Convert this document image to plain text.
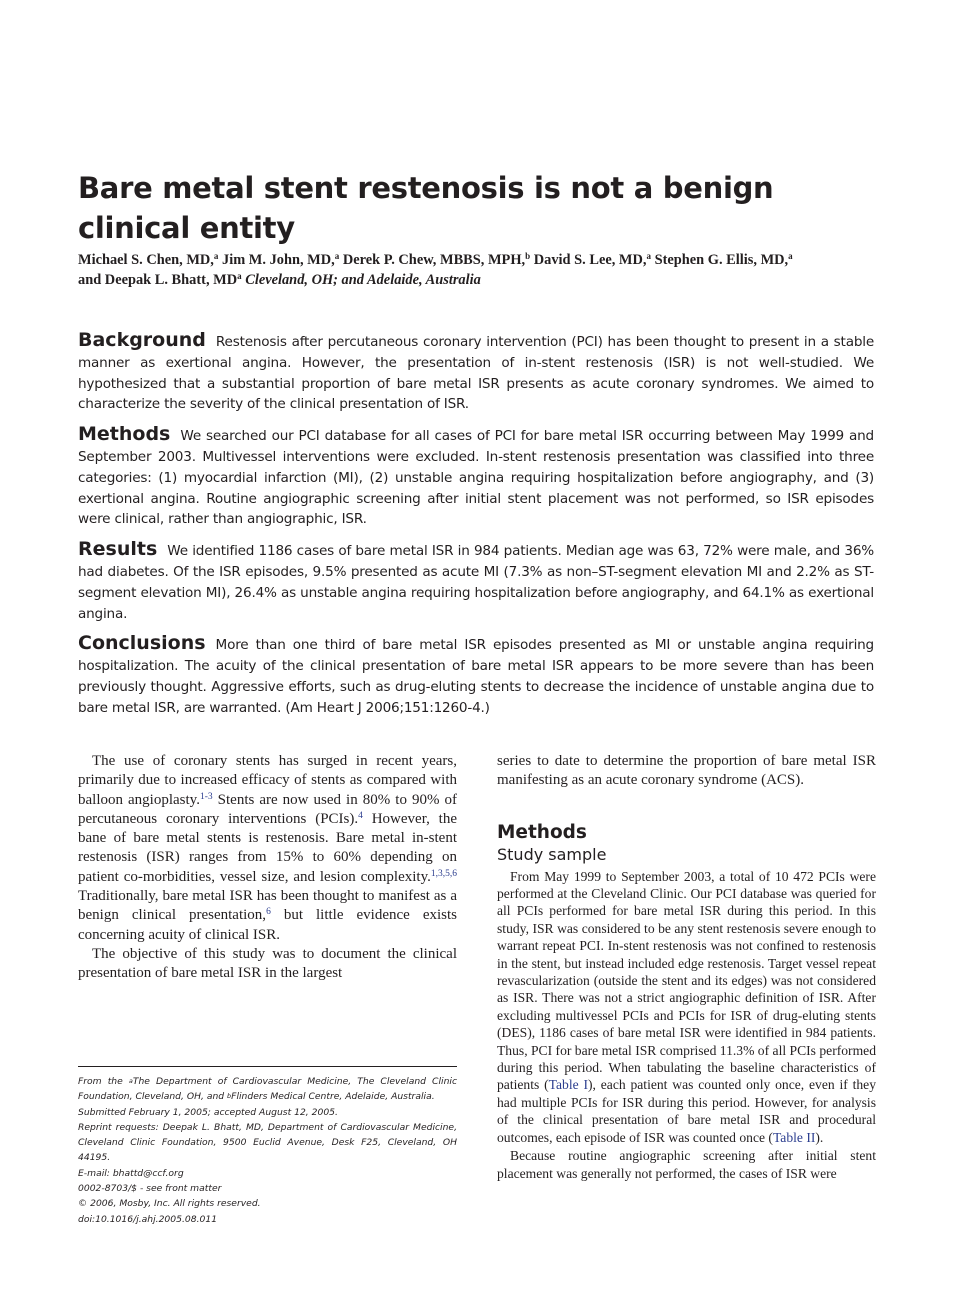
Bare metal stent restenosis is not a benign clinical entity
Michael S. Chen, MD,$^a$ Jim M. John, MD,$^a$ Derek P. Chew, MBBS, MPH,$^b$ David S. Lee, MD,$^a$ Stephen G. Ellis, MD,$^a$
and Deepak L. Bhatt, $MD^a$ Cleveland, OH; and Adelaide, Australia

Background Restenosis after percutaneous coronary intervention (PCI) has been thought to present in a stable manner as exertional angina. However, the presentation of in-stent restenosis (ISR) is not well-studied. We hypothesized that a substantial proportion of bare metal ISR presents as acute coronary syndromes. We aimed to characterize the severity of the clinical presentation of ISR.

Methods We searched our PCI database for all cases of PCI for bare metal ISR occurring between May 1999 and September 2003. Multivessel interventions were excluded. In-stent restenosis presentation was classified into three categories: (1) myocardial infarction (MI), (2) unstable angina requiring hospitalization before angiography, and (3) exertional angina. Routine angiographic screening after initial stent placement was not performed, so ISR episodes were clinical, rather than angiographic, ISR.

Results We identified 1186 cases of bare metal ISR in 984 patients. Median age was 63, 72% were male, and 36% had diabetes. Of the ISR episodes, 9.5% presented as acute MI (7.3% as non–ST-segment elevation MI and 2.2% as ST-segment elevation MI), 26.4% as unstable angina requiring hospitalization before angiography, and 64.1% as exertional angina.

Conclusions More than one third of bare metal ISR episodes presented as MI or unstable angina requiring hospitalization. The acuity of the clinical presentation of bare metal ISR appears to be more severe than has been previously thought. Aggressive efforts, such as drug-eluting stents to decrease the incidence of unstable angina due to bare metal ISR, are warranted. (Am Heart J 2006;151:1260-4.)

The use of coronary stents has surged in recent years, primarily due to increased efficacy of stents as compared with balloon angioplasty.$^{1-3}$ Stents are now used in 80% to 90% of percutaneous coronary interventions (PCIs).$^4$ However, the bane of bare metal stents is restenosis. Bare metal in-stent restenosis (ISR) ranges from 15% to 60% depending on patient co-morbidities, vessel size, and lesion complexity.$^{1,3,5,6}$ Traditionally, bare metal ISR has been thought to manifest as a benign clinical presentation,$^6$ but little evidence exists concerning acuity of clinical ISR.

The objective of this study was to document the clinical presentation of bare metal ISR in the largest

series to date to determine the proportion of bare metal ISR manifesting as an acute coronary syndrome (ACS).

Methods
Study sample

From May 1999 to September 2003, a total of 10 472 PCIs were performed at the Cleveland Clinic. Our PCI database was queried for all PCIs performed for bare metal ISR during this period. In this study, ISR was considered to be any stent restenosis severe enough to warrant repeat PCI. In-stent restenosis was not confined to restenosis in the stent, but instead included edge restenosis. Target vessel repeat revascularization (outside the stent and its edges) was not considered as ISR. There was not a strict angiographic definition of ISR. After excluding multivessel PCIs and PCIs for ISR of drug-eluting stents (DES), 1186 cases of bare metal ISR were identified in 984 patients. Thus, PCI for bare metal ISR comprised 11.3% of all PCIs performed during this period. When tabulating the baseline characteristics of patients (Table I), each patient was counted only once, even if they had multiple PCIs for ISR during this period. However, for analysis of the clinical presentation of bare metal ISR and procedural outcomes, each episode of ISR was counted once (Table II).

Because routine angiographic screening after initial stent placement was generally not performed, the cases of ISR were

From the $^a$The Department of Cardiovascular Medicine, The Cleveland Clinic Foundation, Cleveland, OH, and $^b$Flinders Medical Centre, Adelaide, Australia.
Submitted February 1, 2005; accepted August 12, 2005.
Reprint requests: Deepak L. Bhatt, MD, Department of Cardiovascular Medicine, Cleveland Clinic Foundation, 9500 Euclid Avenue, Desk F25, Cleveland, OH 44195.
E-mail: bhattd@ccf.org
0002-8703/$ - see front matter
© 2006, Mosby, Inc. All rights reserved.
doi:10.1016/j.ahj.2005.08.011
